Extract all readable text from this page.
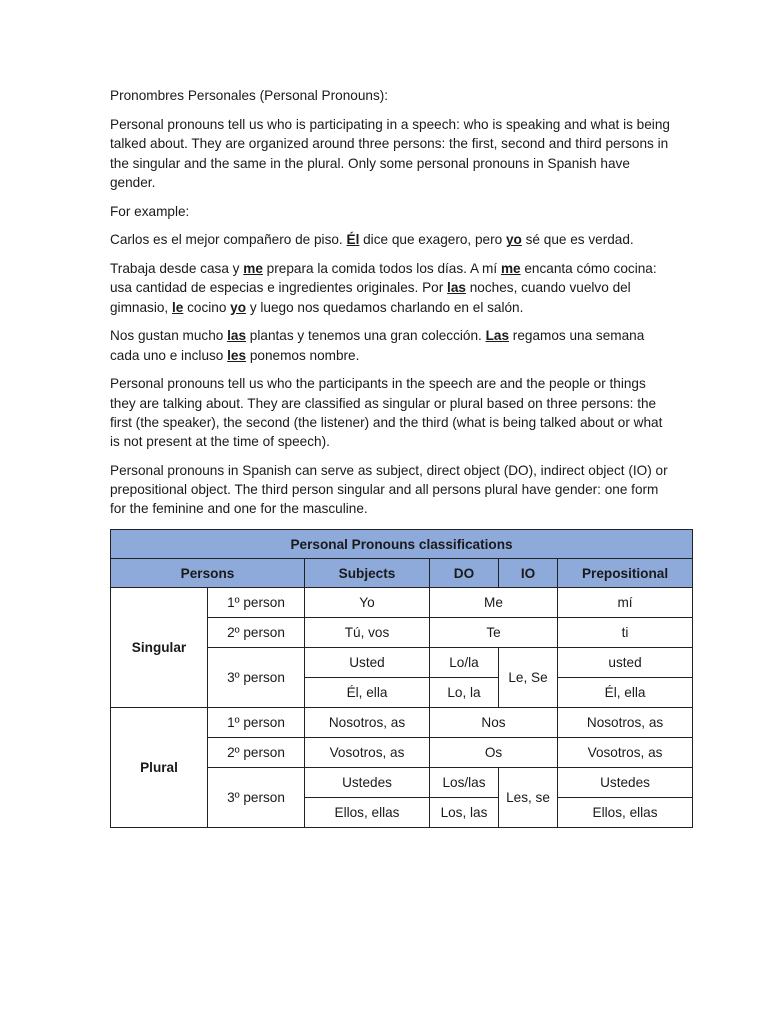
Pronombres Personales (Personal Pronouns):

Personal pronouns tell us who is participating in a speech: who is speaking and what is being talked about. They are organized around three persons: the first, second and third persons in the singular and the same in the plural. Only some personal pronouns in Spanish have gender.

For example:

Carlos es el mejor compañero de piso. Él dice que exagero, pero yo sé que es verdad.

Trabaja desde casa y me prepara la comida todos los días. A mí me encanta cómo cocina: usa cantidad de especias e ingredientes originales. Por las noches, cuando vuelvo del gimnasio, le cocino yo y luego nos quedamos charlando en el salón.

Nos gustan mucho las plantas y tenemos una gran colección. Las regamos una semana cada uno e incluso les ponemos nombre.

Personal pronouns tell us who the participants in the speech are and the people or things they are talking about. They are classified as singular or plural based on three persons: the first (the speaker), the second (the listener) and the third (what is being talked about or what is not present at the time of speech).

Personal pronouns in Spanish can serve as subject, direct object (DO), indirect object (IO) or prepositional object. The third person singular and all persons plural have gender: one form for the feminine and one for the masculine.

Personal Pronouns classifications					
Persons		Subjects	DO	IO	Prepositional
Singular	1º person	Yo	Me		mí
	2º person	Tú, vos	Te		ti
	3º person	Usted	Lo/la	Le, Se	usted
		Él, ella	Lo, la		Él, ella
Plural	1º person	Nosotros, as	Nos		Nosotros, as
	2º person	Vosotros, as	Os		Vosotros, as
	3º person	Ustedes	Los/las	Les, se	Ustedes
		Ellos, ellas	Los, las		Ellos, ellas
